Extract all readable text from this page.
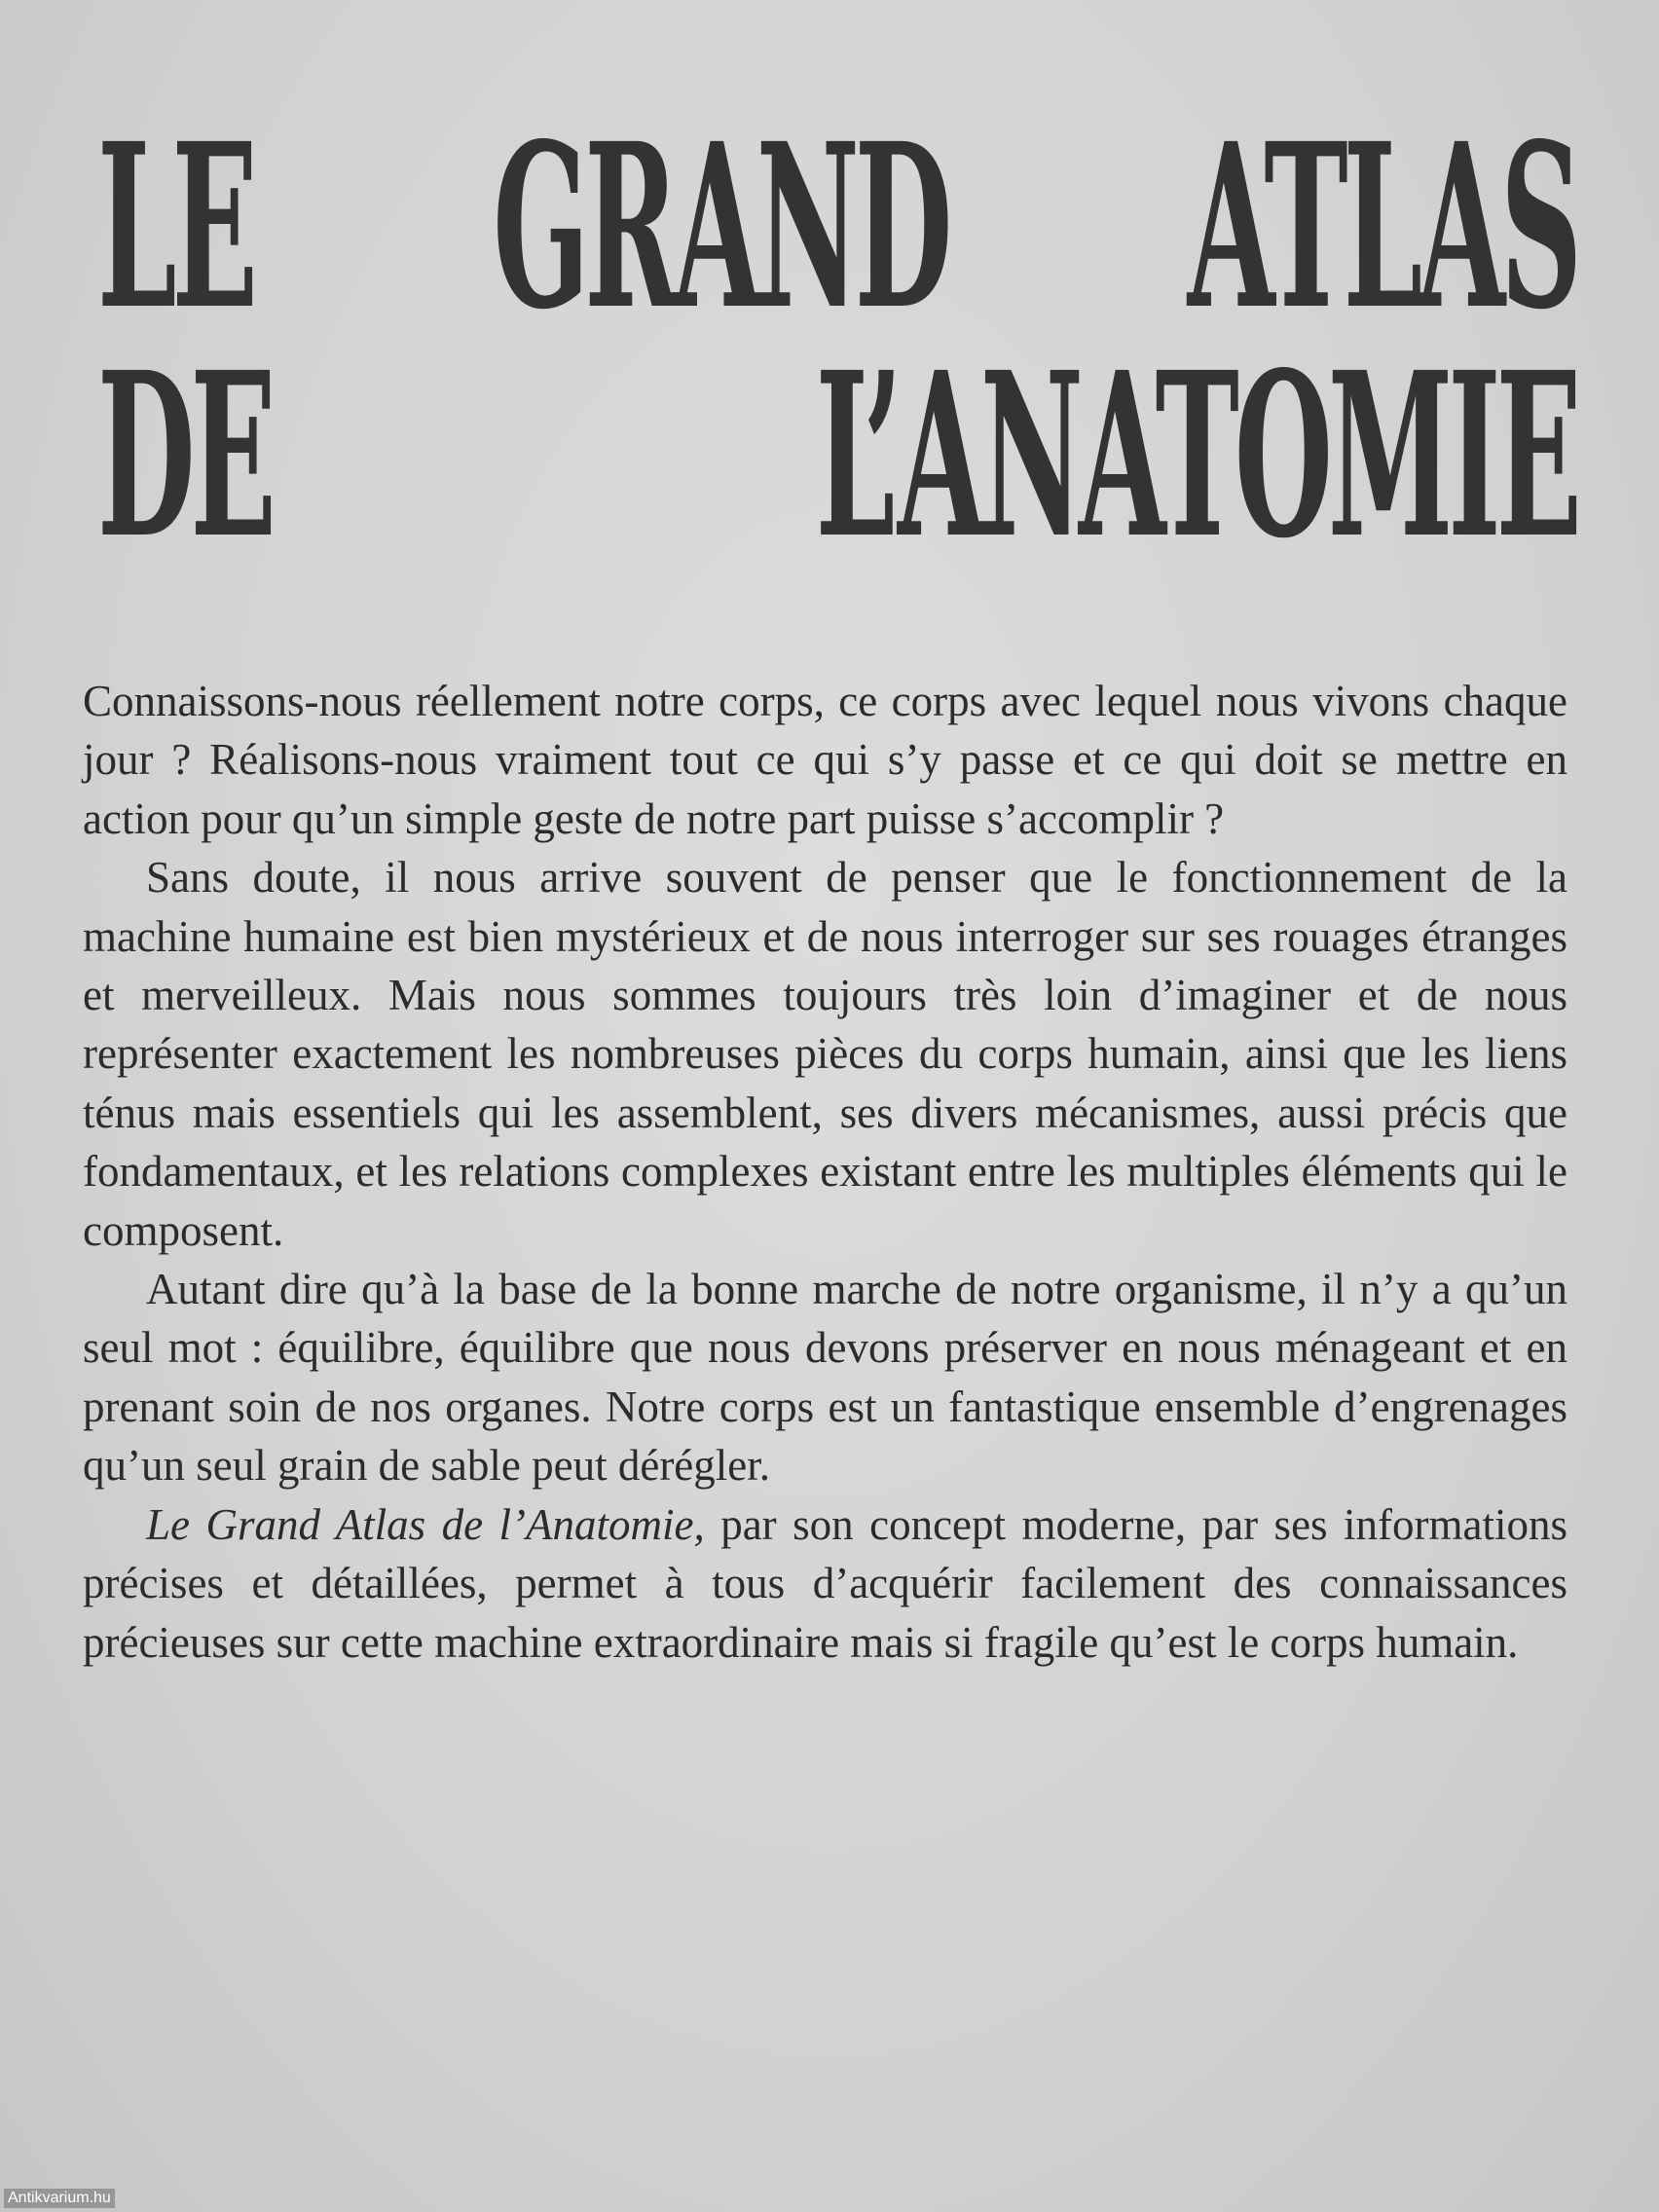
LE GRAND ATLAS
DE L’ANATOMIE

Connaissons-nous réellement notre corps, ce corps avec lequel nous vivons chaque jour ? Réalisons-nous vraiment tout ce qui s’y passe et ce qui doit se mettre en action pour qu’un simple geste de notre part puisse s’accomplir ?

Sans doute, il nous arrive souvent de penser que le fonctionnement de la machine humaine est bien mystérieux et de nous interroger sur ses rouages étranges et merveilleux. Mais nous sommes toujours très loin d’imaginer et de nous représenter exactement les nombreuses pièces du corps humain, ainsi que les liens ténus mais essentiels qui les assemblent, ses divers mécanismes, aussi précis que fondamentaux, et les relations complexes existant entre les multiples éléments qui le composent.

Autant dire qu’à la base de la bonne marche de notre organisme, il n’y a qu’un seul mot : équilibre, équilibre que nous devons préserver en nous ménageant et en prenant soin de nos organes. Notre corps est un fantastique ensemble d’engrenages qu’un seul grain de sable peut dérégler.

Le Grand Atlas de l’Anatomie, par son concept moderne, par ses informations précises et détaillées, permet à tous d’acquérir facilement des connaissances précieuses sur cette machine extraordinaire mais si fragile qu’est le corps humain.

Antikvarium.hu
